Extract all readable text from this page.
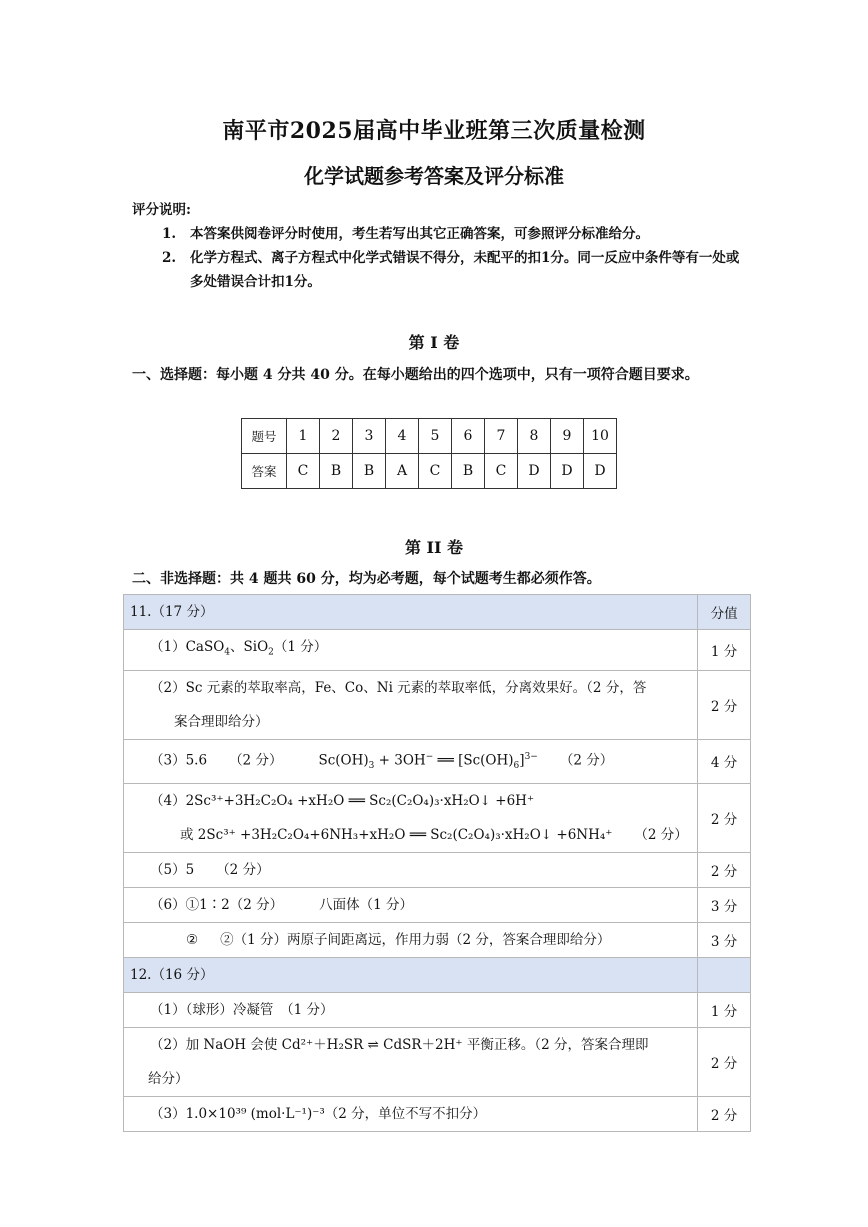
南平市2025届高中毕业班第三次质量检测
化学试题参考答案及评分标准
评分说明:
1. 本答案供阅卷评分时使用，考生若写出其它正确答案，可参照评分标准给分。
2. 化学方程式、离子方程式中化学式错误不得分，未配平的扣1分。同一反应中条件等有一处或多处错误合计扣1分。
第 I 卷
一、选择题：每小题 4 分共 40 分。在每小题给出的四个选项中，只有一项符合题目要求。
题号	1	2	3	4	5	6	7	8	9	10
答案	C	B	B	A	C	B	C	D	D	D
第 II 卷
二、非选择题：共 4 题共 60 分，均为必考题，每个试题考生都必须作答。
11.（17 分）	分值

（1）CaSO$_4$、SiO$_2$（1 分）	1 分

（2）Sc 元素的萃取率高，Fe、Co、Ni 元素的萃取率低，分离效果好。（2 分，答
案合理即给分）	2 分

（3）5.6 （2 分） $Sc(OH)_3 + 3OH^-$ ══ $[Sc(OH)_6]^{3-}$ （2 分）	4 分

（4）2Sc³⁺+3H₂C₂O₄ +xH₂O ══ Sc₂(C₂O₄)₃·xH₂O↓ +6H⁺
或 2Sc³⁺ +3H₂C₂O₄+6NH₃+xH₂O ══ Sc₂(C₂O₄)₃·xH₂O↓ +6NH₄⁺ （2 分）	2 分

（5）5 （2 分）	2 分

（6）①1∶2（2 分） 八面体（1 分）	3 分

② ②（1 分）两原子间距离远，作用力弱（2 分，答案合理即给分）	3 分

12.（16 分）	

（1）（球形）冷凝管　（1 分）	1 分

（2）加 NaOH 会使 Cd²⁺＋H₂SR ⇌ CdSR＋2H⁺ 平衡正移。（2 分，答案合理即
给分）	2 分

（3）1.0×10³⁹ (mol·L⁻¹)⁻³（2 分，单位不写不扣分）	2 分
